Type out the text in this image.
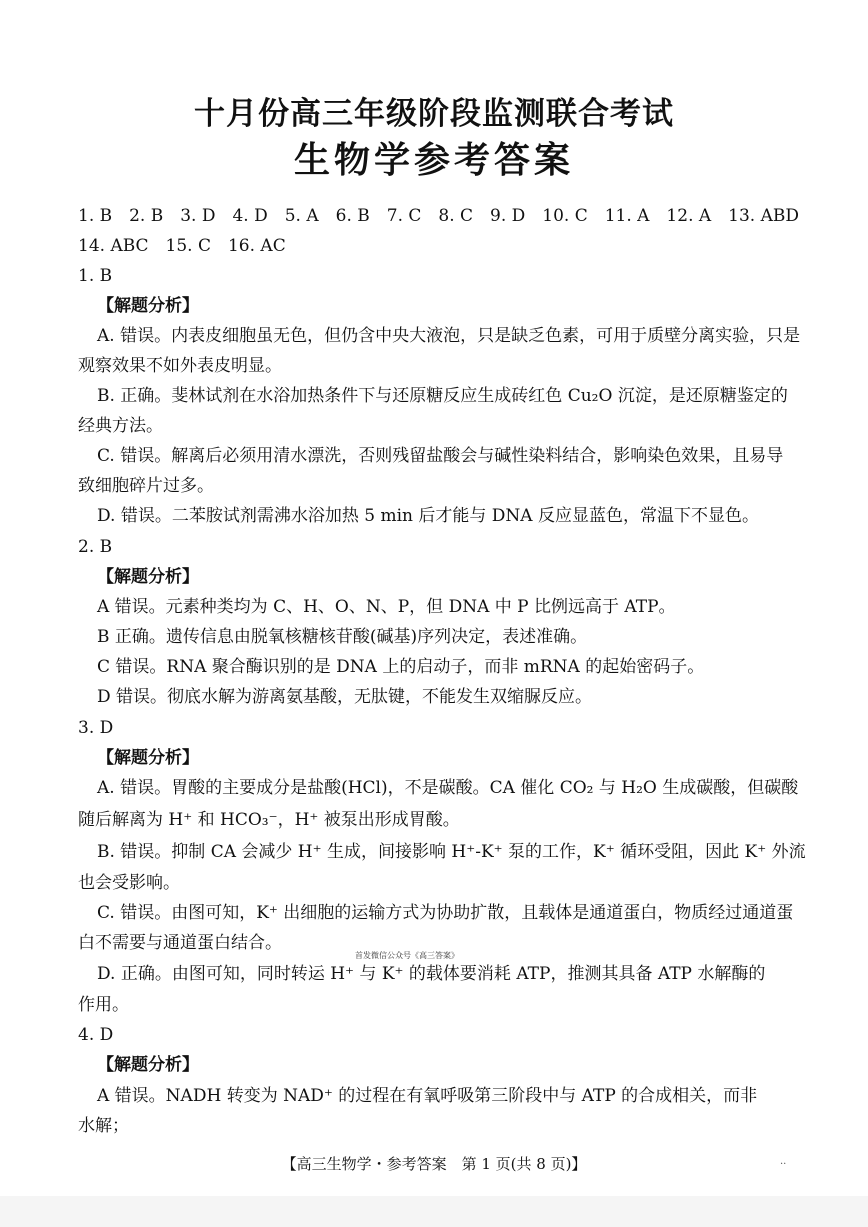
十月份高三年级阶段监测联合考试
生物学参考答案
1. B　2. B　3. D　4. D　5. A　6. B　7. C　8. C　9. D　10. C　11. A　12. A　13. ABD
14. ABC　15. C　16. AC
1. B
【解题分析】
A. 错误。内表皮细胞虽无色，但仍含中央大液泡，只是缺乏色素，可用于质壁分离实验，只是
观察效果不如外表皮明显。
B. 正确。斐林试剂在水浴加热条件下与还原糖反应生成砖红色 Cu₂O 沉淀，是还原糖鉴定的
经典方法。
C. 错误。解离后必须用清水漂洗，否则残留盐酸会与碱性染料结合，影响染色效果，且易导
致细胞碎片过多。
D. 错误。二苯胺试剂需沸水浴加热 5 min 后才能与 DNA 反应显蓝色，常温下不显色。
2. B
【解题分析】
A 错误。元素种类均为 C、H、O、N、P，但 DNA 中 P 比例远高于 ATP。
B 正确。遗传信息由脱氧核糖核苷酸(碱基)序列决定，表述准确。
C 错误。RNA 聚合酶识别的是 DNA 上的启动子，而非 mRNA 的起始密码子。
D 错误。彻底水解为游离氨基酸，无肽键，不能发生双缩脲反应。
3. D
【解题分析】
A. 错误。胃酸的主要成分是盐酸(HCl)，不是碳酸。CA 催化 CO₂ 与 H₂O 生成碳酸，但碳酸
随后解离为 H⁺ 和 HCO₃⁻，H⁺ 被泵出形成胃酸。
B. 错误。抑制 CA 会减少 H⁺ 生成，间接影响 H⁺-K⁺ 泵的工作，K⁺ 循环受阻，因此 K⁺ 外流
也会受影响。
C. 错误。由图可知，K⁺ 出细胞的运输方式为协助扩散，且载体是通道蛋白，物质经过通道蛋
白不需要与通道蛋白结合。
首发微信公众号《高三答案》
D. 正确。由图可知，同时转运 H⁺ 与 K⁺ 的载体要消耗 ATP，推测其具备 ATP 水解酶的
作用。
4. D
【解题分析】
A 错误。NADH 转变为 NAD⁺ 的过程在有氧呼吸第三阶段中与 ATP 的合成相关，而非
水解；
【高三生物学・参考答案　第 1 页(共 8 页)】	..
